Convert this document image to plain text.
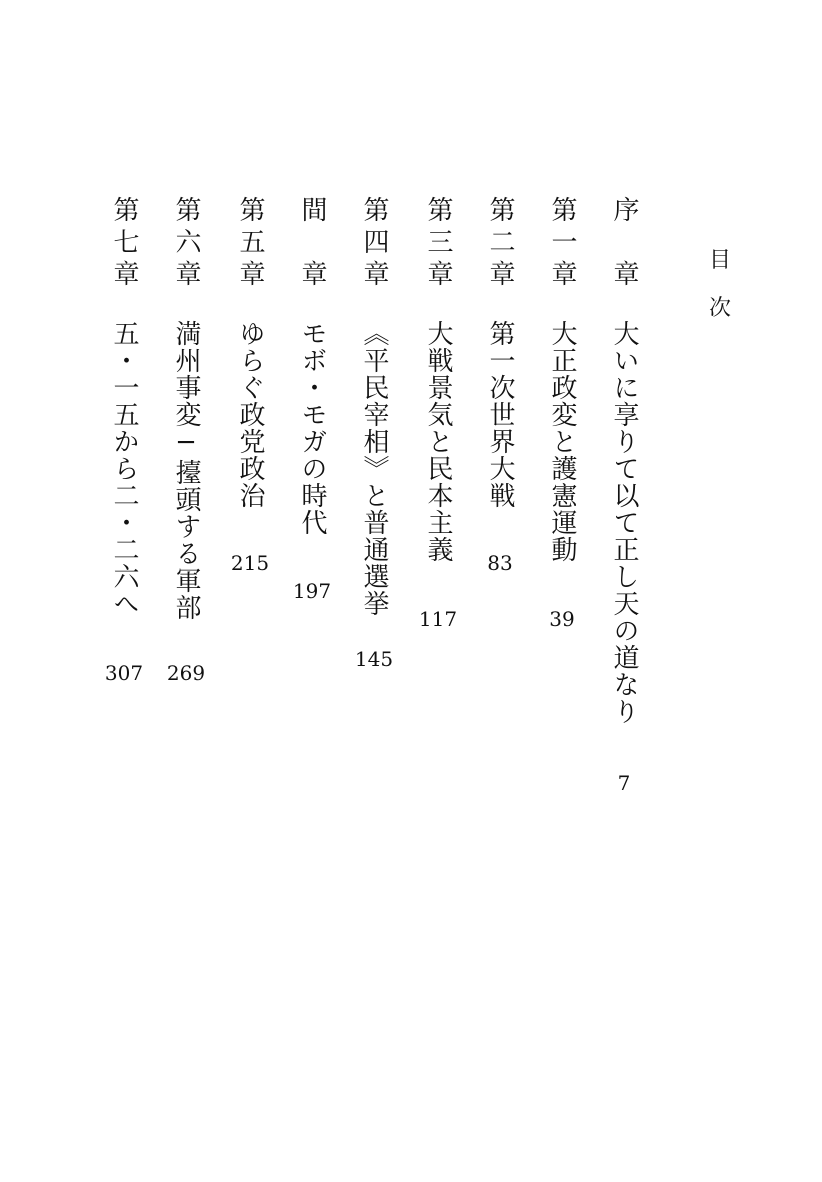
目
次
序　章大いに享りて以て正し天の道なり
7
第一章大正政変と護憲運動
39
第二章第一次世界大戦
83
第三章大戦景気と民本主義
117
第四章《平民宰相》と普通選挙
145
間　章モボ・モガの時代
197
第五章ゆらぐ政党政治
215
第六章満州事変─擡頭する軍部
269
第七章五・一五から二・二六へ
307
